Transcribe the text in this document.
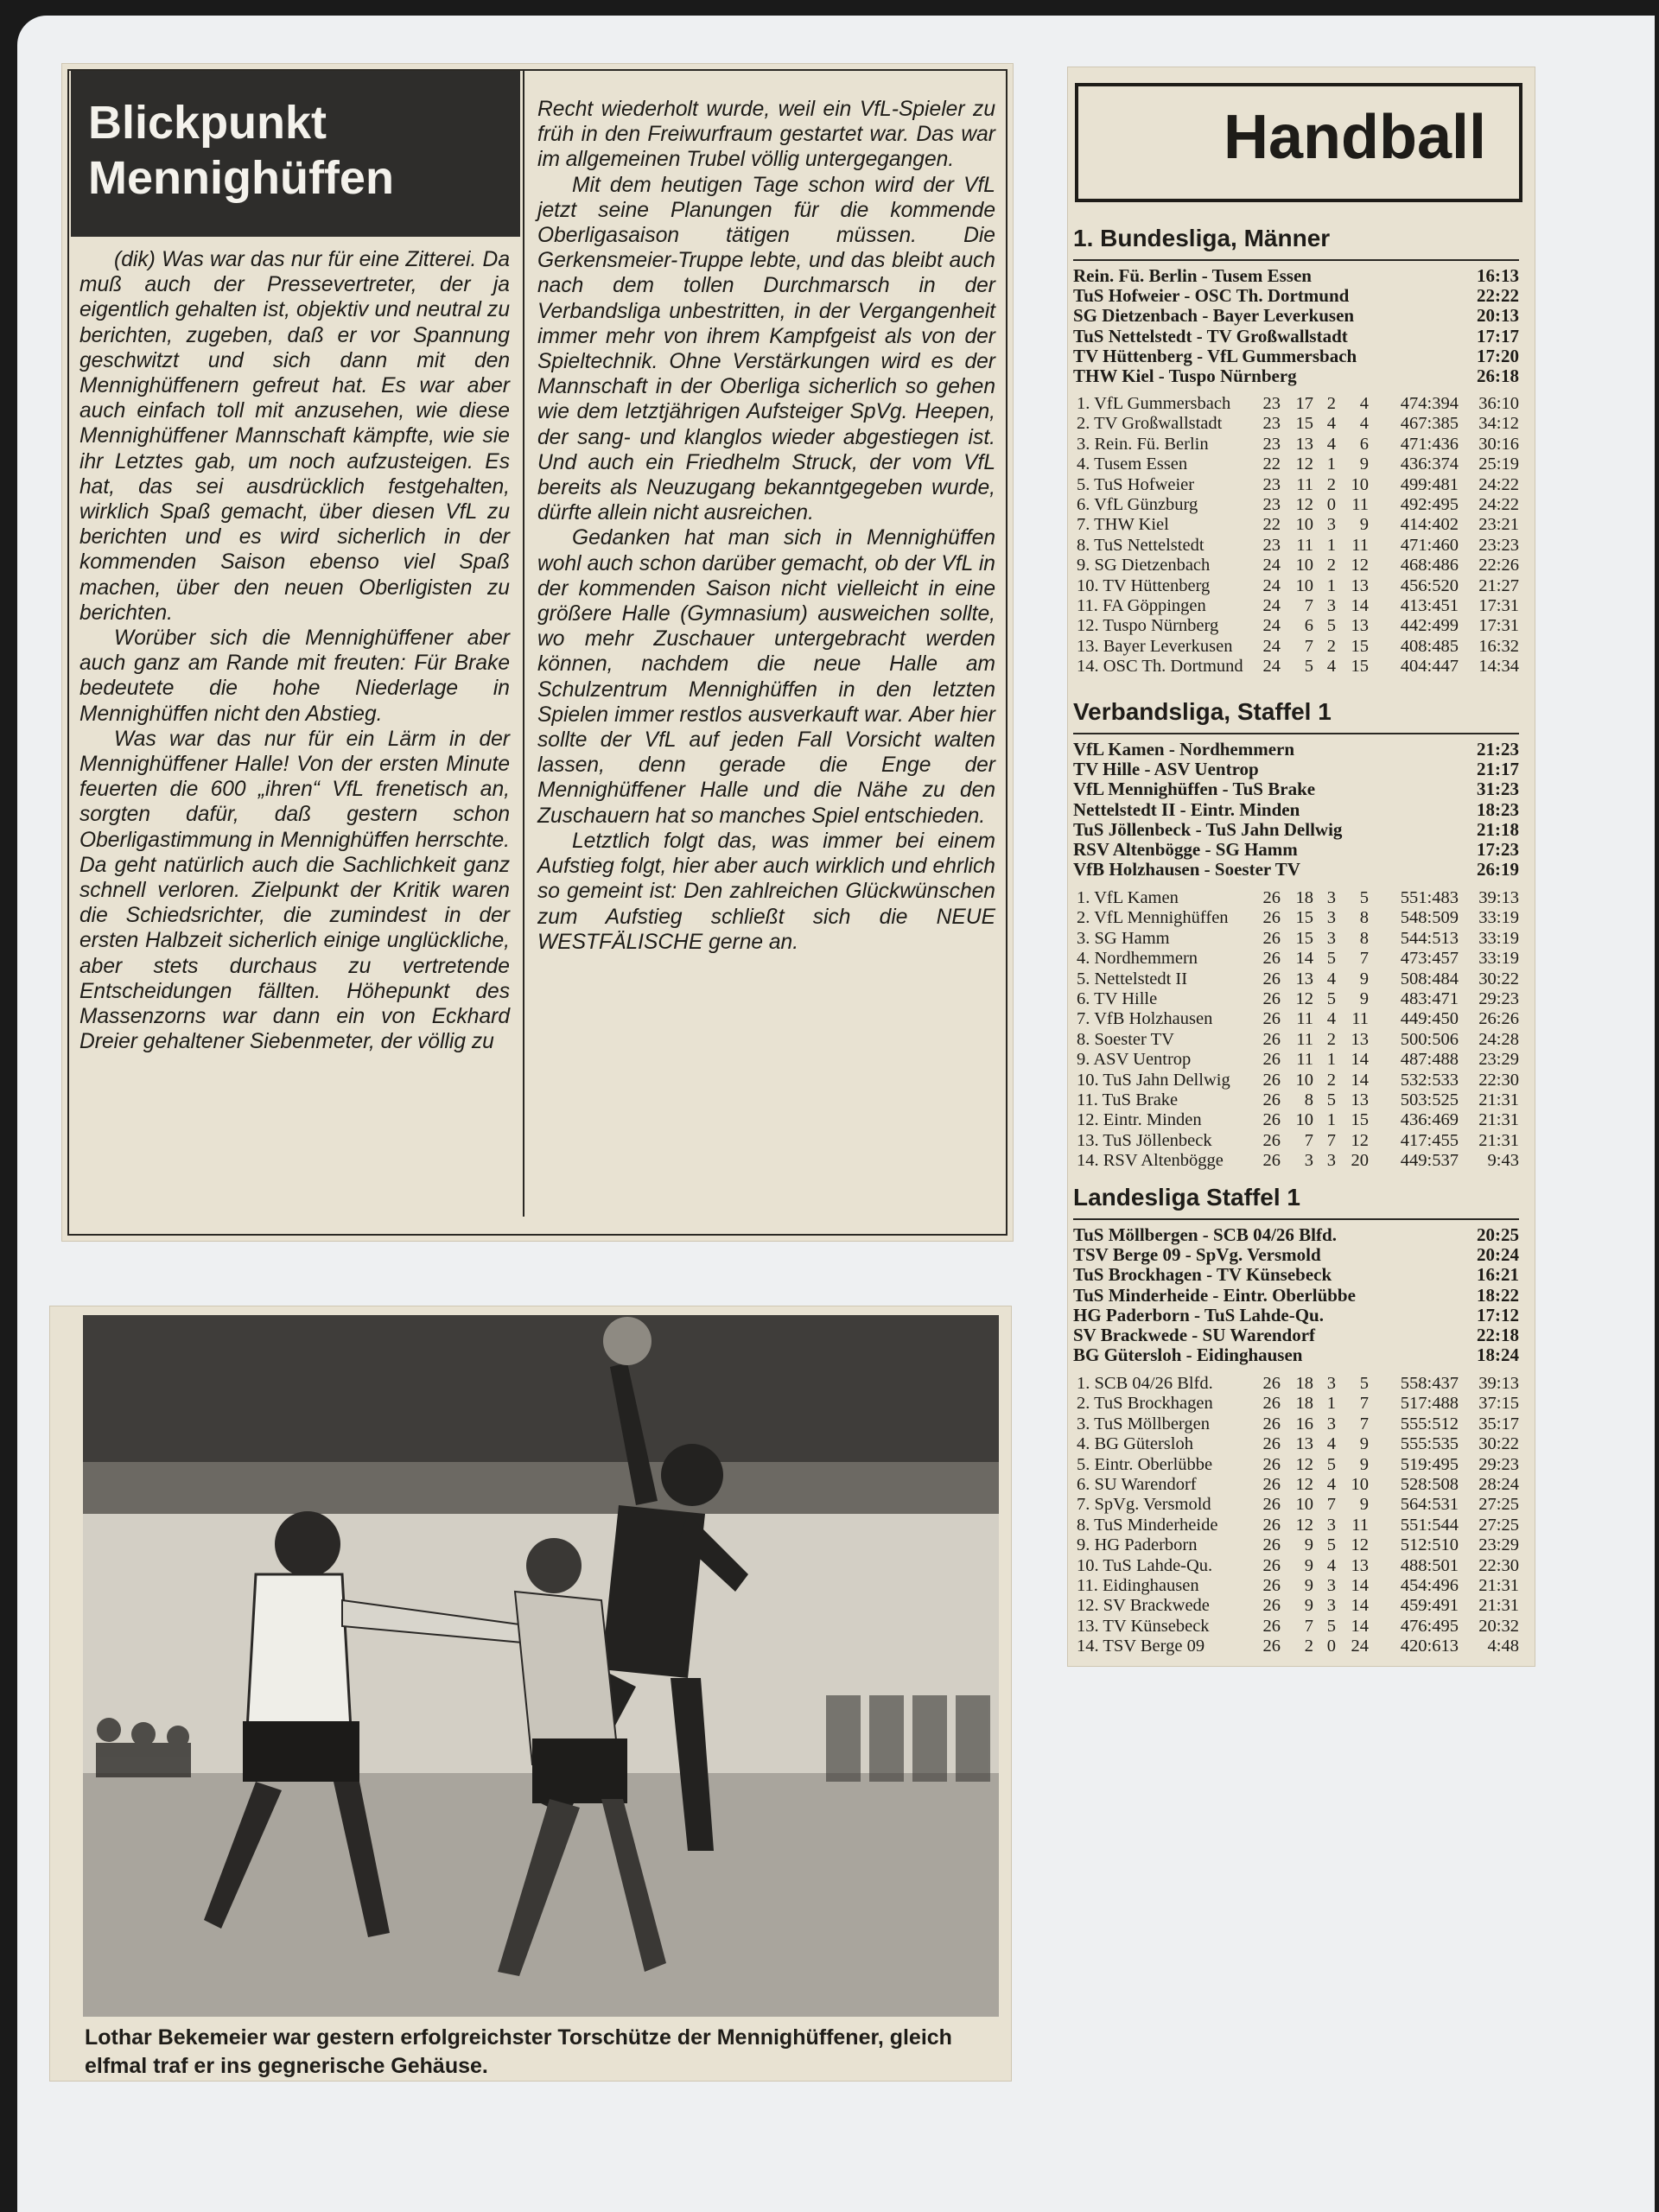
Blickpunkt
Mennighüffen

(dik) Was war das nur für eine Zitterei. Da muß auch der Pressevertreter, der ja eigentlich gehalten ist, objektiv und neutral zu berichten, zugeben, daß er vor Spannung geschwitzt und sich dann mit den Mennighüffenern gefreut hat. Es war aber auch einfach toll mit anzusehen, wie diese Mennighüffener Mannschaft kämpfte, wie sie ihr Letztes gab, um noch aufzusteigen. Es hat, das sei ausdrücklich festgehalten, wirklich Spaß gemacht, über diesen VfL zu berichten und es wird sicherlich in der kommenden Saison ebenso viel Spaß machen, über den neuen Oberligisten zu berichten.

Worüber sich die Mennighüffener aber auch ganz am Rande mit freuten: Für Brake bedeutete die hohe Niederlage in Mennighüffen nicht den Abstieg.

Was war das nur für ein Lärm in der Mennighüffener Halle! Von der ersten Minute feuerten die 600 „ihren“ VfL frenetisch an, sorgten dafür, daß gestern schon Oberligastimmung in Mennighüffen herrschte. Da geht natürlich auch die Sachlichkeit ganz schnell verloren. Zielpunkt der Kritik waren die Schiedsrichter, die zumindest in der ersten Halbzeit sicherlich einige unglückliche, aber stets durchaus zu vertretende Entscheidungen fällten. Höhepunkt des Massenzorns war dann ein von Eckhard Dreier gehaltener Siebenmeter, der völlig zu

Recht wiederholt wurde, weil ein VfL-Spieler zu früh in den Freiwurfraum gestartet war. Das war im allgemeinen Trubel völlig untergegangen.

Mit dem heutigen Tage schon wird der VfL jetzt seine Planungen für die kommende Oberligasaison tätigen müssen. Die Gerkensmeier-Truppe lebte, und das bleibt auch nach dem tollen Durchmarsch in der Verbandsliga unbestritten, in der Vergangenheit immer mehr von ihrem Kampfgeist als von der Spieltechnik. Ohne Verstärkungen wird es der Mannschaft in der Oberliga sicherlich so gehen wie dem letztjährigen Aufsteiger SpVg. Heepen, der sang- und klanglos wieder abgestiegen ist. Und auch ein Friedhelm Struck, der vom VfL bereits als Neuzugang bekanntgegeben wurde, dürfte allein nicht ausreichen.

Gedanken hat man sich in Mennighüffen wohl auch schon darüber gemacht, ob der VfL in der kommenden Saison nicht vielleicht in eine größere Halle (Gymnasium) ausweichen sollte, wo mehr Zuschauer untergebracht werden können, nachdem die neue Halle am Schulzentrum Mennighüffen in den letzten Spielen immer restlos ausverkauft war. Aber hier sollte der VfL auf jeden Fall Vorsicht walten lassen, denn gerade die Enge der Mennighüffener Halle und die Nähe zu den Zuschauern hat so manches Spiel entschieden.

Letztlich folgt das, was immer bei einem Aufstieg folgt, hier aber auch wirklich und ehrlich so gemeint ist: Den zahlreichen Glückwünschen zum Aufstieg schließt sich die NEUE WESTFÄLISCHE gerne an.

Lothar Bekemeier war gestern erfolgreichster Torschütze der Mennighüffener, gleich elfmal traf er ins gegnerische Gehäuse.
Handball
1. Bundesliga, Männer
Rein. Fü. Berlin - Tusem Essen	16:13
TuS Hofweier - OSC Th. Dortmund	22:22
SG Dietzenbach - Bayer Leverkusen	20:13
TuS Nettelstedt - TV Großwallstadt	17:17
TV Hüttenberg - VfL Gummersbach	17:20
THW Kiel - Tuspo Nürnberg	26:18
1. VfL Gummersbach	23 17 2	4	474:394	36:10
2. TV Großwallstadt	23 15 4	4	467:385	34:12
3. Rein. Fü. Berlin	23 13 4	6	471:436	30:16
4. Tusem Essen	22 12 1	9	436:374	25:19
5. TuS Hofweier	23 11 2 10	499:481	24:22
6. VfL Günzburg	23 12 0 11	492:495	24:22
7. THW Kiel	22 10 3	9	414:402	23:21
8. TuS Nettelstedt	23 11 1 11	471:460	23:23
9. SG Dietzenbach	24 10 2 12	468:486	22:26
10. TV Hüttenberg	24 10 1 13	456:520	21:27
11. FA Göppingen	24	7 3 14	413:451	17:31
12. Tuspo Nürnberg	24	6 5 13	442:499	17:31
13. Bayer Leverkusen	24	7 2 15	408:485	16:32
14. OSC Th. Dortmund	24	5 4 15	404:447	14:34
Verbandsliga, Staffel 1
VfL Kamen - Nordhemmern	21:23
TV Hille - ASV Uentrop	21:17
VfL Mennighüffen - TuS Brake	31:23
Nettelstedt II - Eintr. Minden	18:23
TuS Jöllenbeck - TuS Jahn Dellwig	21:18
RSV Altenbögge - SG Hamm	17:23
VfB Holzhausen - Soester TV	26:19
1. VfL Kamen	26 18 3	5	551:483	39:13
2. VfL Mennighüffen	26 15 3	8	548:509	33:19
3. SG Hamm	26 15 3	8	544:513	33:19
4. Nordhemmern	26 14 5	7	473:457	33:19
5. Nettelstedt II	26 13 4	9	508:484	30:22
6. TV Hille	26 12 5	9	483:471	29:23
7. VfB Holzhausen	26 11 4 11	449:450	26:26
8. Soester TV	26 11 2 13	500:506	24:28
9. ASV Uentrop	26 11 1 14	487:488	23:29
10. TuS Jahn Dellwig	26 10 2 14	532:533	22:30
11. TuS Brake	26	8 5 13	503:525	21:31
12. Eintr. Minden	26 10 1 15	436:469	21:31
13. TuS Jöllenbeck	26	7 7 12	417:455	21:31
14. RSV Altenbögge	26	3 3 20	449:537	9:43
Landesliga Staffel 1
TuS Möllbergen - SCB 04/26 Blfd.	20:25
TSV Berge 09 - SpVg. Versmold	20:24
TuS Brockhagen - TV Künsebeck	16:21
TuS Minderheide - Eintr. Oberlübbe	18:22
HG Paderborn - TuS Lahde-Qu.	17:12
SV Brackwede - SU Warendorf	22:18
BG Gütersloh - Eidinghausen	18:24
1. SCB 04/26 Blfd.	26 18 3	5	558:437	39:13
2. TuS Brockhagen	26 18 1	7	517:488	37:15
3. TuS Möllbergen	26 16 3	7	555:512	35:17
4. BG Gütersloh	26 13 4	9	555:535	30:22
5. Eintr. Oberlübbe	26 12 5	9	519:495	29:23
6. SU Warendorf	26 12 4 10	528:508	28:24
7. SpVg. Versmold	26 10 7	9	564:531	27:25
8. TuS Minderheide	26 12 3 11	551:544	27:25
9. HG Paderborn	26	9 5 12	512:510	23:29
10. TuS Lahde-Qu.	26	9 4 13	488:501	22:30
11. Eidinghausen	26	9 3 14	454:496	21:31
12. SV Brackwede	26	9 3 14	459:491	21:31
13. TV Künsebeck	26	7 5 14	476:495	20:32
14. TSV Berge 09	26	2 0 24	420:613	4:48
